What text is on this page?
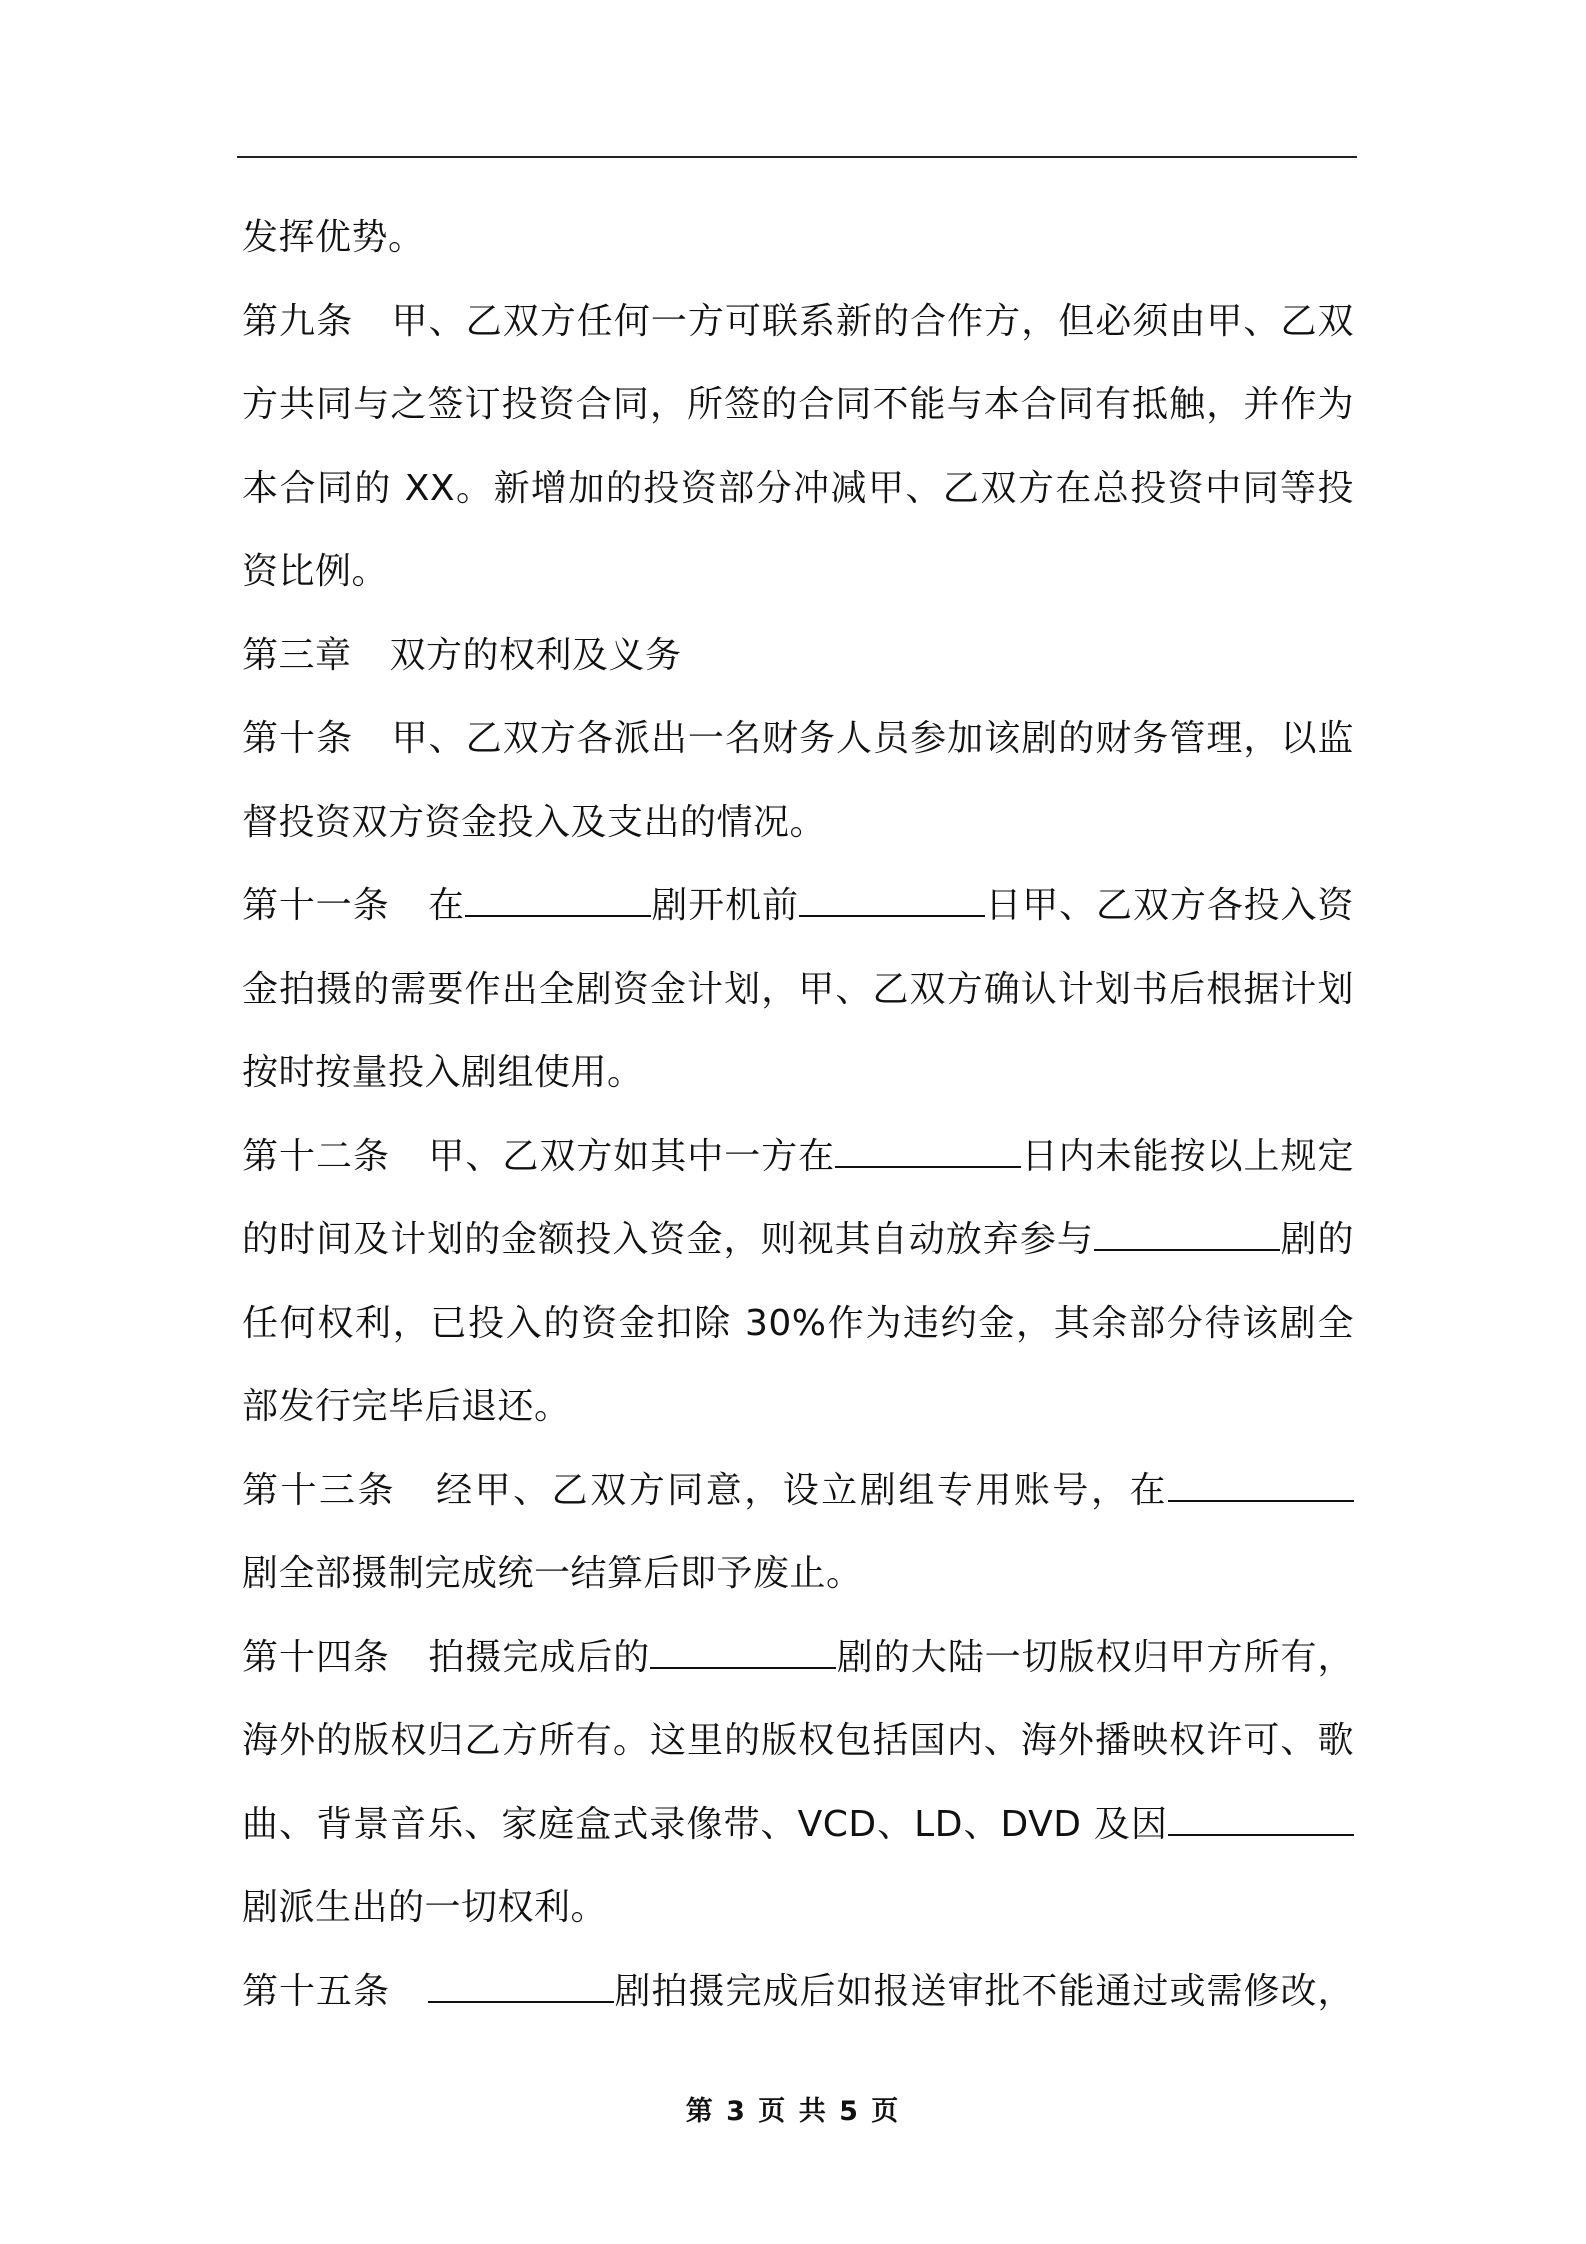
发挥优势。
第九条 甲、乙双方任何一方可联系新的合作方，但必须由甲、乙双
方共同与之签订投资合同，所签的合同不能与本合同有抵触，并作为
本合同的 XX。新增加的投资部分冲减甲、乙双方在总投资中同等投
资比例。
第三章 双方的权利及义务
第十条 甲、乙双方各派出一名财务人员参加该剧的财务管理，以监
督投资双方资金投入及支出的情况。
第十一条 在	剧开机前	日甲、乙双方各投入资
金拍摄的需要作出全剧资金计划，甲、乙双方确认计划书后根据计划
按时按量投入剧组使用。
第十二条 甲、乙双方如其中一方在	日内未能按以上规定
的时间及计划的金额投入资金，则视其自动放弃参与	剧的
任何权利，已投入的资金扣除 30%作为违约金，其余部分待该剧全
部发行完毕后退还。
第十三条 经甲、乙双方同意，设立剧组专用账号，在
剧全部摄制完成统一结算后即予废止。
第十四条 拍摄完成后的	剧的大陆一切版权归甲方所有，
海外的版权归乙方所有。这里的版权包括国内、海外播映权许可、歌
曲、背景音乐、家庭盒式录像带、VCD、LD、DVD 及因
剧派生出的一切权利。
第十五条	剧拍摄完成后如报送审批不能通过或需修改，
第 3 页 共 5 页
